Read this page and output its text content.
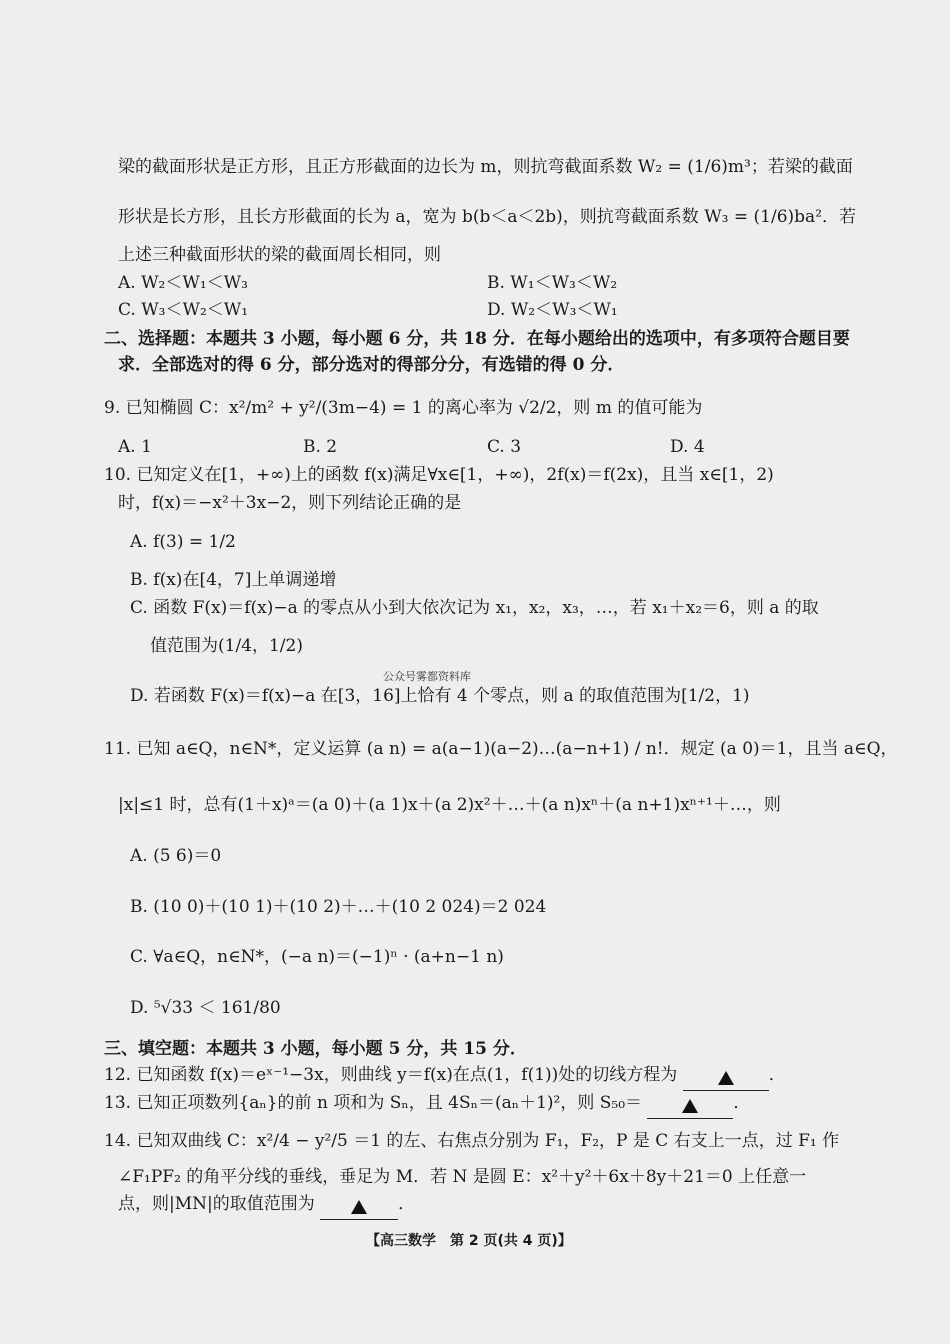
梁的截面形状是正方形，且正方形截面的边长为 m，则抗弯截面系数 W₂ = (1/6)m³；若梁的截面
形状是长方形，且长方形截面的长为 a，宽为 b(b＜a＜2b)，则抗弯截面系数 W₃ = (1/6)ba²．若
上述三种截面形状的梁的截面周长相同，则
A. W₂＜W₁＜W₃	B. W₁＜W₃＜W₂
C. W₃＜W₂＜W₁	D. W₂＜W₃＜W₁
二、选择题：本题共 3 小题，每小题 6 分，共 18 分．在每小题给出的选项中，有多项符合题目要
求．全部选对的得 6 分，部分选对的得部分分，有选错的得 0 分．
9. 已知椭圆 C：x²/m² + y²/(3m−4) = 1 的离心率为 √2/2，则 m 的值可能为
A. 1	B. 2	C. 3	D. 4
10. 已知定义在[1，+∞)上的函数 f(x)满足∀x∈[1，+∞)，2f(x)＝f(2x)，且当 x∈[1，2)
时，f(x)＝−x²＋3x−2，则下列结论正确的是
A. f(3) = 1/2
B. f(x)在[4，7]上单调递增
C. 函数 F(x)＝f(x)−a 的零点从小到大依次记为 x₁，x₂，x₃，…，若 x₁＋x₂＝6，则 a 的取
值范围为(1/4，1/2)
公众号雾都资料库
D. 若函数 F(x)＝f(x)−a 在[3，16]上恰有 4 个零点，则 a 的取值范围为[1/2，1)
11. 已知 a∈Q，n∈N*，定义运算 (a n) = a(a−1)(a−2)…(a−n+1) / n!．规定 (a 0)＝1，且当 a∈Q，
|x|≤1 时，总有(1＋x)ᵃ＝(a 0)＋(a 1)x＋(a 2)x²＋…＋(a n)xⁿ＋(a n+1)xⁿ⁺¹＋…，则
A. (5 6)＝0
B. (10 0)＋(10 1)＋(10 2)＋…＋(10 2 024)＝2 024
C. ∀a∈Q，n∈N*，(−a n)＝(−1)ⁿ · (a+n−1 n)
D. ⁵√33 ＜ 161/80
三、填空题：本题共 3 小题，每小题 5 分，共 15 分．
12. 已知函数 f(x)＝eˣ⁻¹−3x，则曲线 y＝f(x)在点(1，f(1))处的切线方程为	．
13. 已知正项数列{aₙ}的前 n 项和为 Sₙ，且 4Sₙ＝(aₙ＋1)²，则 S₅₀＝	．
14. 已知双曲线 C：x²/4 − y²/5 ＝1 的左、右焦点分别为 F₁，F₂，P 是 C 右支上一点，过 F₁ 作
∠F₁PF₂ 的角平分线的垂线，垂足为 M．若 N 是圆 E：x²＋y²＋6x＋8y＋21＝0 上任意一
点，则|MN|的取值范围为	．
【高三数学　第 2 页(共 4 页)】
